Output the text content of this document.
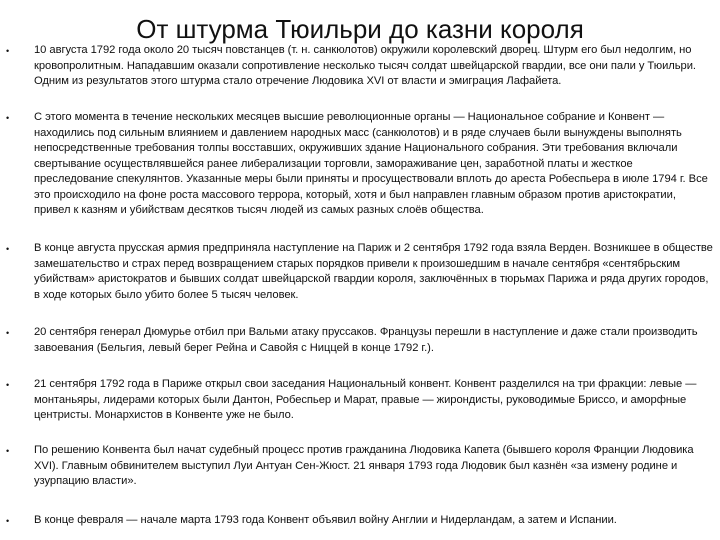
От штурма Тюильри до казни короля
• 10 августа 1792 года около 20 тысяч повстанцев (т. н. санкюлотов) окружили королевский дворец. Штурм его был недолгим, но кровопролитным. Нападавшим оказали сопротивление несколько тысяч солдат швейцарской гвардии, все они пали у Тюильри. Одним из результатов этого штурма стало отречение Людовика XVI от власти и эмиграция Лафайета.

• С этого момента в течение нескольких месяцев высшие революционные органы — Национальное собрание и Конвент — находились под сильным влиянием и давлением народных масс (санкюлотов) и в ряде случаев были вынуждены выполнять непосредственные требования толпы восставших, окруживших здание Национального собрания. Эти требования включали свертывание осуществлявшейся ранее либерализации торговли, замораживание цен, заработной платы и жесткое преследование спекулянтов. Указанные меры были приняты и просуществовали вплоть до ареста Робеспьера в июле 1794 г. Все это происходило на фоне роста массового террора, который, хотя и был направлен главным образом против аристократии, привел к казням и убийствам десятков тысяч людей из самых разных слоёв общества.

• В конце августа прусская армия предприняла наступление на Париж и 2 сентября 1792 года взяла Верден. Возникшее в обществе замешательство и страх перед возвращением старых порядков привели к произошедшим в начале сентября «сентябрьским убийствам» аристократов и бывших солдат швейцарской гвардии короля, заключённых в тюрьмах Парижа и ряда других городов, в ходе которых было убито более 5 тысяч человек.

• 20 сентября генерал Дюмурье отбил при Вальми атаку пруссаков. Французы перешли в наступление и даже стали производить завоевания (Бельгия, левый берег Рейна и Савойя с Ниццей в конце 1792 г.).

• 21 сентября 1792 года в Париже открыл свои заседания Национальный конвент. Конвент разделился на три фракции: левые — монтаньяры, лидерами которых были Дантон, Робеспьер и Марат, правые — жирондисты, руководимые Бриссо, и аморфные центристы. Монархистов в Конвенте уже не было.

• По решению Конвента был начат судебный процесс против гражданина Людовика Капета (бывшего короля Франции Людовика XVI). Главным обвинителем выступил Луи Антуан Сен-Жюст. 21 января 1793 года Людовик был казнён «за измену родине и узурпацию власти».

• В конце февраля — начале марта 1793 года Конвент объявил войну Англии и Нидерландам, а затем и Испании.
